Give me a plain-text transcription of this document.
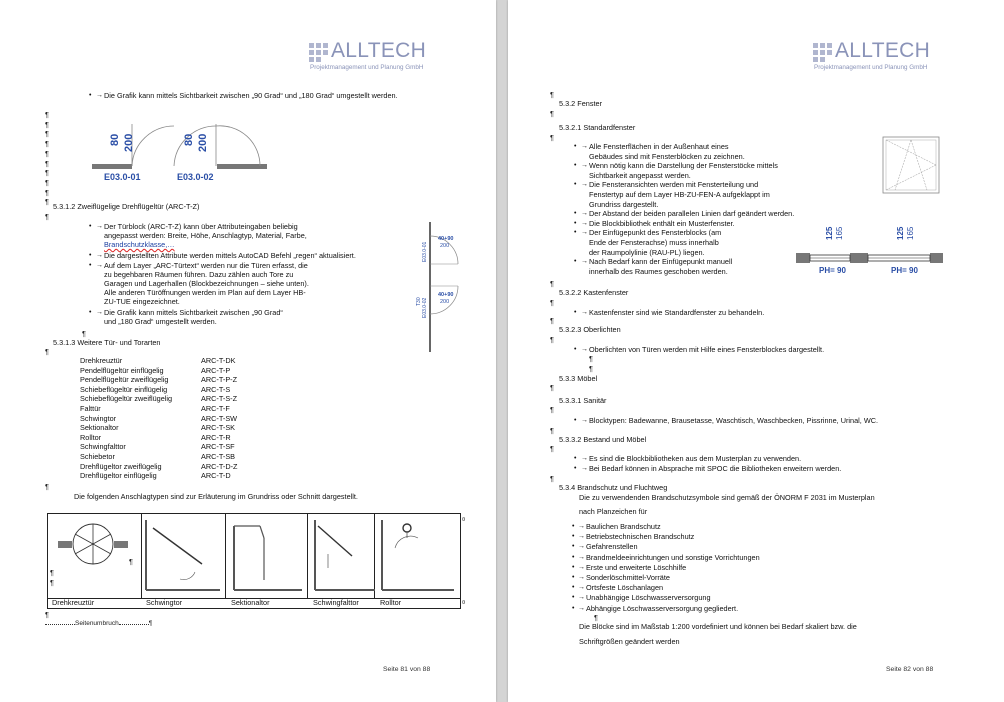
ALLTECH
Projektmanagement und Planung GmbH
• → Die Grafik kann mittels Sichtbarkeit zwischen „90 Grad“ und „180 Grad“ umgestellt werden.
¶
¶
¶
¶
¶
¶
¶
¶
¶
¶
80 200	80 200
E03.0-01	E03.0-02
5.3.1.2 Zweiflügelige Drehflügeltür (ARC-T-Z)
¶
• → Der Türblock (ARC-T-Z) kann über Attributeingaben beliebig
angepasst werden: Breite, Höhe, Anschlagtyp, Material, Farbe,
Brandschutzklasse,…
• → Die dargestellten Attribute werden mittels AutoCAD Befehl „regen“ aktualisiert.
• → Auf dem Layer „ARC-Türtext“ werden nur die Türen erfasst, die
zu begehbaren Räumen führen. Dazu zählen auch Tore zu
Garagen und Lagerhallen (Blockbezeichnungen – siehe unten).
Alle anderen Türöffnungen werden im Plan auf dem Layer HB-
ZU-TUE eingezeichnet.
• → Die Grafik kann mittels Sichtbarkeit zwischen „90 Grad“
und „180 Grad“ umgestellt werden.
40+90
200
40+90
200
E03.0-01
T30 E03.0-02
¶
5.3.1.3 Weitere Tür- und Torarten
¶
¶
Die folgenden Anschlagtypen sind zur Erläuterung im Grundriss oder Schnitt dargestellt.
¶
¶
¶
¤
¤
¶
Seitenumbruch	¶
Seite 81 von 88
Drehkreuztür	ARC-T-DK
Pendelflügeltür einflügelig	ARC-T-P
Pendelflügeltür zweiflügelig	ARC-T-P-Z
Schiebeflügeltür einflügelig	ARC-T-S
Schiebeflügeltür zweiflügelig	ARC-T-S-Z
Falttür	ARC-T-F
Schwingtor	ARC-T-SW
Sektionaltor	ARC-T-SK
Rolltor	ARC-T-R
Schwingfalttor	ARC-T-SF
Schiebetor	ARC-T-SB
Drehflügeltor zweiflügelig	ARC-T-D-Z
Drehflügeltor einflügelig	ARC-T-D
Drehkreuztür	Schwingtor	Sektionaltor	Schwingfalttor	Rolltor
ALLTECH
Projektmanagement und Planung GmbH
¶
5.3.2 Fenster
¶
5.3.2.1 Standardfenster
¶
125 165	125 165
PH= 90	PH= 90
¶
5.3.2.2 Kastenfenster
¶
• → Kastenfenster sind wie Standardfenster zu behandeln.
¶
5.3.2.3 Oberlichten
¶
• → Oberlichten von Türen werden mit Hilfe eines Fensterblockes dargestellt.
¶
¶
5.3.3 Möbel
¶
5.3.3.1 Sanitär
¶
• → Blocktypen: Badewanne, Brausetasse, Waschtisch, Waschbecken, Pissrinne, Urinal, WC.
¶
5.3.3.2 Bestand und Möbel
¶
¶
5.3.4 Brandschutz und Fluchtweg
Die zu verwendenden Brandschutzsymbole sind gemäß der ÖNORM F 2031 im Musterplan
nach Planzeichen für
¶
Die Blöcke sind im Maßstab 1:200 vordefiniert und können bei Bedarf skaliert bzw. die
Schriftgrößen geändert werden
Seite 82 von 88
• → Alle Fensterflächen in der Außenhaut eines
Gebäudes sind mit Fensterblöcken zu zeichnen.
• → Wenn nötig kann die Darstellung der Fensterstöcke mittels
Sichtbarkeit angepasst werden.
• → Die Fensteransichten werden mit Fensterteilung und
Fenstertyp auf dem Layer HB-ZU-FEN-A aufgeklappt im
Grundriss dargestellt.
• → Der Abstand der beiden parallelen Linien darf geändert werden.
• → Die Blockbibliothek enthält ein Musterfenster.
• → Der Einfügepunkt des Fensterblocks (am
Ende der Fensterachse) muss innerhalb
der Raumpolylinie (RAU-PL) liegen.
• → Nach Bedarf kann der Einfügepunkt manuell
innerhalb des Raumes geschoben werden.
• → Es sind die Blockbibliotheken aus dem Musterplan zu verwenden.
• → Bei Bedarf können in Absprache mit SPOC die Bibliotheken erweitern werden.
• → Baulichen Brandschutz
• → Betriebstechnischen Brandschutz
• → Gefahrenstellen
• → Brandmeldeeinrichtungen und sonstige Vorrichtungen
• → Erste und erweiterte Löschhilfe
• → Sonderlöschmittel-Vorräte
• → Ortsfeste Löschanlagen
• → Unabhängige Löschwasserversorgung
• → Abhängige Löschwasserversorgung gegliedert.
